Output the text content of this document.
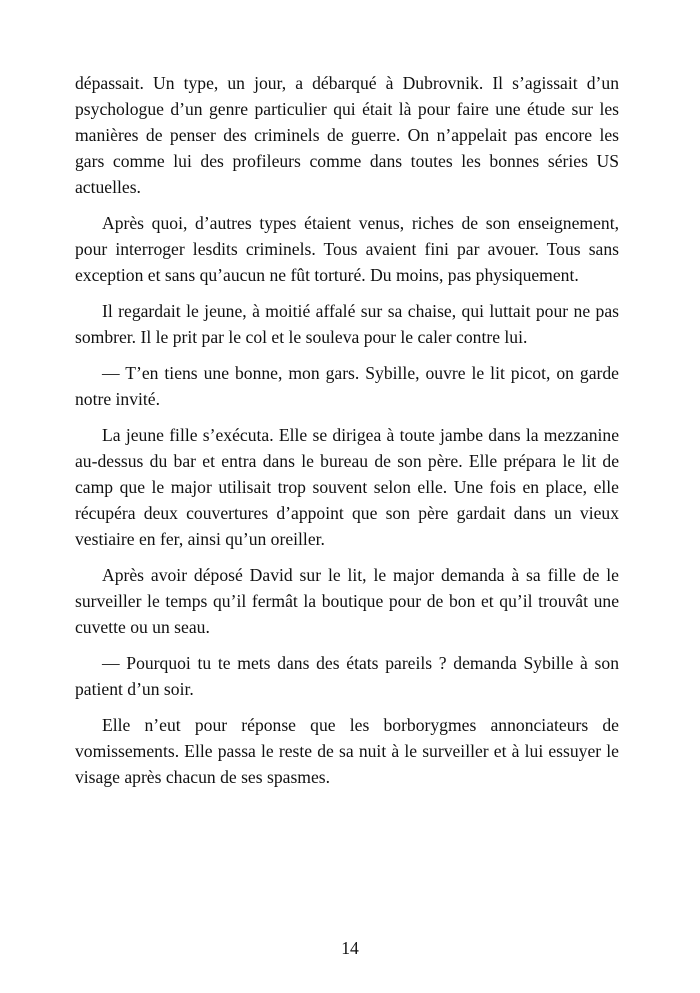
dépassait. Un type, un jour, a débarqué à Dubrovnik. Il s’agissait d’un psychologue d’un genre particulier qui était là pour faire une étude sur les manières de penser des criminels de guerre. On n’appelait pas encore les gars comme lui des profileurs comme dans toutes les bonnes séries US actuelles.

Après quoi, d’autres types étaient venus, riches de son enseignement, pour interroger lesdits criminels. Tous avaient fini par avouer. Tous sans exception et sans qu’aucun ne fût torturé. Du moins, pas physiquement.

Il regardait le jeune, à moitié affalé sur sa chaise, qui luttait pour ne pas sombrer. Il le prit par le col et le souleva pour le caler contre lui.

— T’en tiens une bonne, mon gars. Sybille, ouvre le lit picot, on garde notre invité.

La jeune fille s’exécuta. Elle se dirigea à toute jambe dans la mezzanine au-dessus du bar et entra dans le bureau de son père. Elle prépara le lit de camp que le major utilisait trop souvent selon elle. Une fois en place, elle récupéra deux couvertures d’appoint que son père gardait dans un vieux vestiaire en fer, ainsi qu’un oreiller.

Après avoir déposé David sur le lit, le major demanda à sa fille de le surveiller le temps qu’il fermât la boutique pour de bon et qu’il trouvât une cuvette ou un seau.

— Pourquoi tu te mets dans des états pareils ? demanda Sybille à son patient d’un soir.

Elle n’eut pour réponse que les borborygmes annonciateurs de vomissements. Elle passa le reste de sa nuit à le surveiller et à lui essuyer le visage après chacun de ses spasmes.

14
